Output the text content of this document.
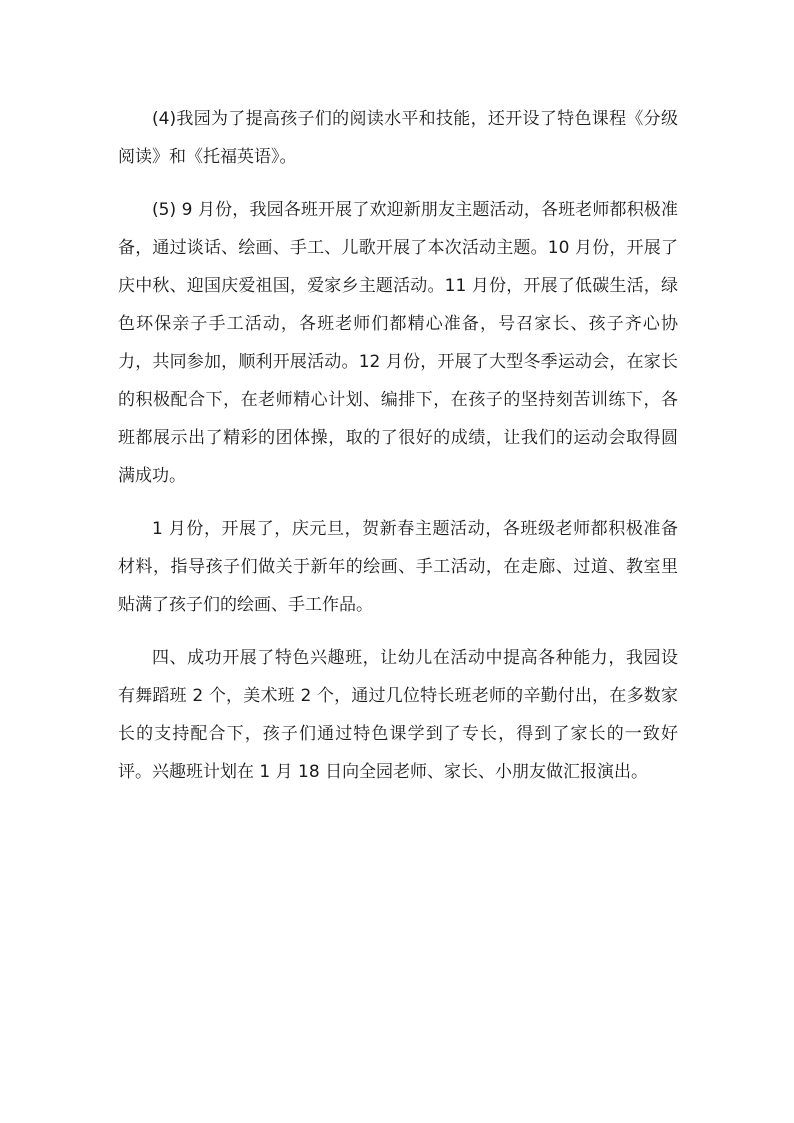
(4)我园为了提高孩子们的阅读水平和技能，还开设了特色课程《分级阅读》和《托福英语》。

(5) 9 月份，我园各班开展了欢迎新朋友主题活动，各班老师都积极准备，通过谈话、绘画、手工、儿歌开展了本次活动主题。10 月份，开展了庆中秋、迎国庆爱祖国，爱家乡主题活动。11 月份，开展了低碳生活，绿色环保亲子手工活动，各班老师们都精心准备，号召家长、孩子齐心协力，共同参加，顺利开展活动。12 月份，开展了大型冬季运动会，在家长的积极配合下，在老师精心计划、编排下，在孩子的坚持刻苦训练下，各班都展示出了精彩的团体操，取的了很好的成绩，让我们的运动会取得圆满成功。

1 月份，开展了，庆元旦，贺新春主题活动，各班级老师都积极准备材料，指导孩子们做关于新年的绘画、手工活动，在走廊、过道、教室里贴满了孩子们的绘画、手工作品。

四、成功开展了特色兴趣班，让幼儿在活动中提高各种能力，我园设有舞蹈班 2 个，美术班 2 个，通过几位特长班老师的辛勤付出，在多数家长的支持配合下，孩子们通过特色课学到了专长，得到了家长的一致好评。兴趣班计划在 1 月 18 日向全园老师、家长、小朋友做汇报演出。
